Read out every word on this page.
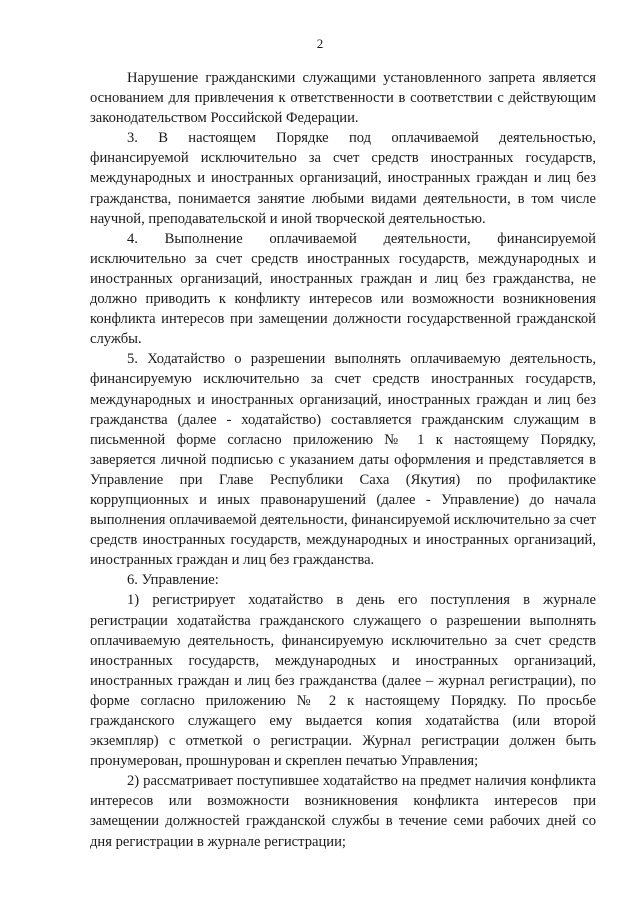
2

Нарушение гражданскими служащими установленного запрета является основанием для привлечения к ответственности в соответствии с действующим законодательством Российской Федерации.

3. В настоящем Порядке под оплачиваемой деятельностью, финансируемой исключительно за счет средств иностранных государств, международных и иностранных организаций, иностранных граждан и лиц без гражданства, понимается занятие любыми видами деятельности, в том числе научной, преподавательской и иной творческой деятельностью.

4. Выполнение оплачиваемой деятельности, финансируемой исключительно за счет средств иностранных государств, международных и иностранных организаций, иностранных граждан и лиц без гражданства, не должно приводить к конфликту интересов или возможности возникновения конфликта интересов при замещении должности государственной гражданской службы.

5. Ходатайство о разрешении выполнять оплачиваемую деятельность, финансируемую исключительно за счет средств иностранных государств, международных и иностранных организаций, иностранных граждан и лиц без гражданства (далее - ходатайство) составляется гражданским служащим в письменной форме согласно приложению № 1 к настоящему Порядку, заверяется личной подписью с указанием даты оформления и представляется в Управление при Главе Республики Саха (Якутия) по профилактике коррупционных и иных правонарушений (далее - Управление) до начала выполнения оплачиваемой деятельности, финансируемой исключительно за счет средств иностранных государств, международных и иностранных организаций, иностранных граждан и лиц без гражданства.

6. Управление:

1) регистрирует ходатайство в день его поступления в журнале регистрации ходатайства гражданского служащего о разрешении выполнять оплачиваемую деятельность, финансируемую исключительно за счет средств иностранных государств, международных и иностранных организаций, иностранных граждан и лиц без гражданства (далее – журнал регистрации), по форме согласно приложению № 2 к настоящему Порядку. По просьбе гражданского служащего ему выдается копия ходатайства (или второй экземпляр) с отметкой о регистрации. Журнал регистрации должен быть пронумерован, прошнурован и скреплен печатью Управления;

2) рассматривает поступившее ходатайство на предмет наличия конфликта интересов или возможности возникновения конфликта интересов при замещении должностей гражданской службы в течение семи рабочих дней со дня регистрации в журнале регистрации;
